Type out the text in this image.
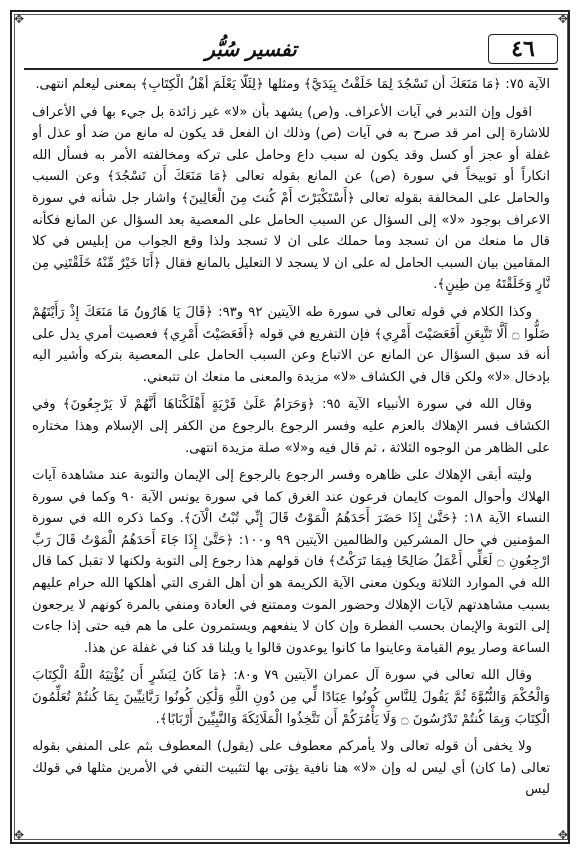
✥	✥
✥	✥
٤٦
تفسير سُبُّر

الآية ٧٥: ﴿مَا مَنَعَكَ أَن تَسْجُدَ لِمَا خَلَقْتُ بِيَدَيَّ﴾ ومثلها ﴿لِئَلَّا يَعْلَمَ أَهْلُ الْكِتَابِ﴾ بمعنى ليعلم انتهى.

اقول وإن التدبر في آيات الأعراف. و(ص) يشهد بأن «لا» غير زائدة بل جيء بها في الأعراف للاشارة إلى امر قد صرح به في آيات (ص) وذلك ان الفعل قد يكون له مانع من ضد أو عذل أو غفلة أو عجز أو كسل وقد يكون له سبب داع وحامل على تركه ومخالفته الأمر به فسأل الله انكاراً أو توبيخاً في سورة (ص) عن المانع بقوله تعالى ﴿مَا مَنَعَكَ أَن تَسْجُدَ﴾ وعن السبب والحامل على المخالفة بقوله تعالى ﴿أَسْتَكْبَرْتَ أَمْ كُنتَ مِنَ الْعَالِينَ﴾ واشار جل شأنه في سورة الاعراف بوجود «لا» إلى السؤال عن السبب الحامل على المعصية بعد السؤال عن المانع فكأنه قال ما منعك من ان تسجد وما حملك على ان لا تسجد ولذا وقع الجواب من إبليس في كلا المقامين بيان السبب الحامل له على ان لا يسجد لا التعليل بالمانع فقال ﴿أَنَا خَيْرٌ مِّنْهُ خَلَقْتَنِي مِن نَّارٍ وَخَلَقْتَهُ مِن طِينٍ﴾.

وكذا الكلام في قوله تعالى في سورة طه الآيتين ٩٢ و٩٣: ﴿قَالَ يَا هَارُونُ مَا مَنَعَكَ إِذْ رَأَيْتَهُمْ ضَلُّوا ۝ أَلَّا تَتَّبِعَنِ أَفَعَصَيْتَ أَمْرِي﴾ فإن التفريع في قوله ﴿أَفَعَصَيْتَ أَمْرِي﴾ فعصيت أمري يدل على أنه قد سبق السؤال عن المانع عن الاتباع وعن السبب الحامل على المعصية بتركه وأشير اليه بإدخال «لا» ولكن قال في الكشاف «لا» مزيدة والمعنى ما منعك ان تتبعني.

وقال الله في سورة الأنبياء الآية ٩٥: ﴿وَحَرَامٌ عَلَىٰ قَرْيَةٍ أَهْلَكْنَاهَا أَنَّهُمْ لَا يَرْجِعُونَ﴾ وفي الكشاف فسر الإهلاك بالعزم عليه وفسر الرجوع بالرجوع من الكفر إلى الإسلام وهذا مختاره على الظاهر من الوجوه الثلاثة ، ثم قال فيه و«لا» صلة مزيدة انتهى.

وليته أبقى الإهلاك على ظاهره وفسر الرجوع بالرجوع إلى الإيمان والتوبة عند مشاهدة آيات الهلاك وأحوال الموت كايمان فرعون عند الغرق كما في سورة يونس الآية ٩٠ وكما في سورة النساء الآية ١٨: ﴿حَتَّىٰ إِذَا حَضَرَ أَحَدَهُمُ الْمَوْتُ قَالَ إِنِّي تُبْتُ الْآنَ﴾. وكما ذكره الله في سورة المؤمنين في حال المشركين والظالمين الآيتين ٩٩ و١٠٠: ﴿حَتَّىٰ إِذَا جَاءَ أَحَدَهُمُ الْمَوْتُ قَالَ رَبِّ ارْجِعُونِ ۝ لَعَلِّي أَعْمَلُ صَالِحًا فِيمَا تَرَكْتُ﴾ فان قولهم هذا رجوع إلى التوبة ولكنها لا تقبل كما قال الله في الموارد الثلاثة ويكون معنى الآية الكريمة هو أن أهل القرى التي أهلكها الله حرام عليهم بسبب مشاهدتهم لآيات الإهلاك وحضور الموت وممتنع في العادة ومنفي بالمرة كونهم لا يرجعون إلى التوبة والإيمان بحسب الفطرة وإن كان لا ينفعهم ويستمرون على ما هم فيه حتى إذا جاءت الساعة وصار يوم القيامة وعاينوا ما كانوا يوعدون قالوا يا ويلنا قد كنا في غفلة عن هذا.

وقال الله تعالى في سورة آل عمران الآيتين ٧٩ و٨٠: ﴿مَا كَانَ لِبَشَرٍ أَن يُؤْتِيَهُ اللَّهُ الْكِتَابَ وَالْحُكْمَ وَالنُّبُوَّةَ ثُمَّ يَقُولَ لِلنَّاسِ كُونُوا عِبَادًا لِّي مِن دُونِ اللَّهِ وَلَٰكِن كُونُوا رَبَّانِيِّينَ بِمَا كُنتُمْ تُعَلِّمُونَ الْكِتَابَ وَبِمَا كُنتُمْ تَدْرُسُونَ ۝ وَلَا يَأْمُرَكُمْ أَن تَتَّخِذُوا الْمَلَائِكَةَ وَالنَّبِيِّينَ أَرْبَابًا﴾.

ولا يخفى أن قوله تعالى ولا يأمركم معطوف على (يقول) المعطوف بثم على المنفي بقوله تعالى (ما كان) أي ليس له وإن «لا» هنا نافية يؤتى بها لتثبيت النفي في الأمرين مثلها في قولك ليس
